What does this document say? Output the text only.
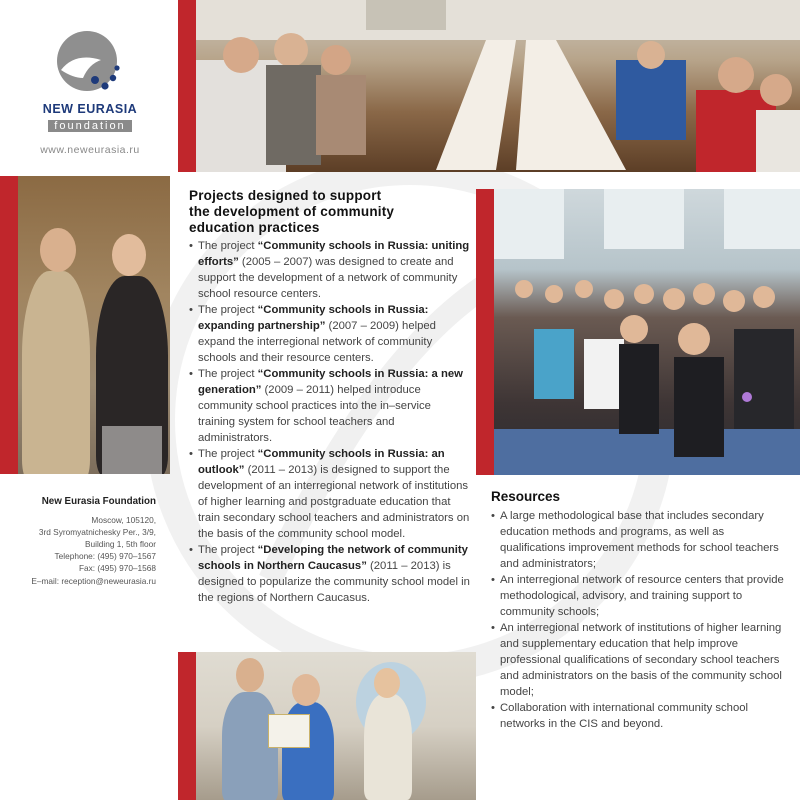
NEW EURASIA
foundation
www.neweurasia.ru
Projects designed to support
the development of community
education practices
• The project “Community schools in Russia: uniting efforts” (2005 – 2007) was designed to create and support the development of a network of community school resource centers.
• The project “Community schools in Russia: expanding partnership” (2007 – 2009) helped expand the interregional network of community schools and their resource centers.
• The project “Community schools in Russia: a new generation” (2009 – 2011) helped introduce community school practices into the in–service training system for school teachers and administrators.
• The project “Community schools in Russia: an outlook” (2011 – 2013) is designed to support the development of an interregional network of institutions of higher learning and postgraduate education that train secondary school teachers and administrators on the basis of the community school model.
• The project “Developing the network of community schools in Northern Caucasus” (2011 – 2013) is designed to popularize the community school model in the regions of Northern Caucasus.
New Eurasia Foundation
Moscow, 105120,
3rd Syromyatnichesky Per., 3/9,
Building 1, 5th floor
Telephone: (495) 970–1567
Fax: (495) 970–1568
E–mail: reception@neweurasia.ru
Resources
• A large methodological base that includes secondary education methods and programs, as well as qualifications improvement methods for school teachers and administrators;
• An interregional network of resource centers that provide methodological, advisory, and training support to community schools;
• An interregional network of institutions of higher learning and supplementary education that help improve professional qualifications of secondary school teachers and administrators on the basis of the community school model;
• Collaboration with international community school networks in the CIS and beyond.
